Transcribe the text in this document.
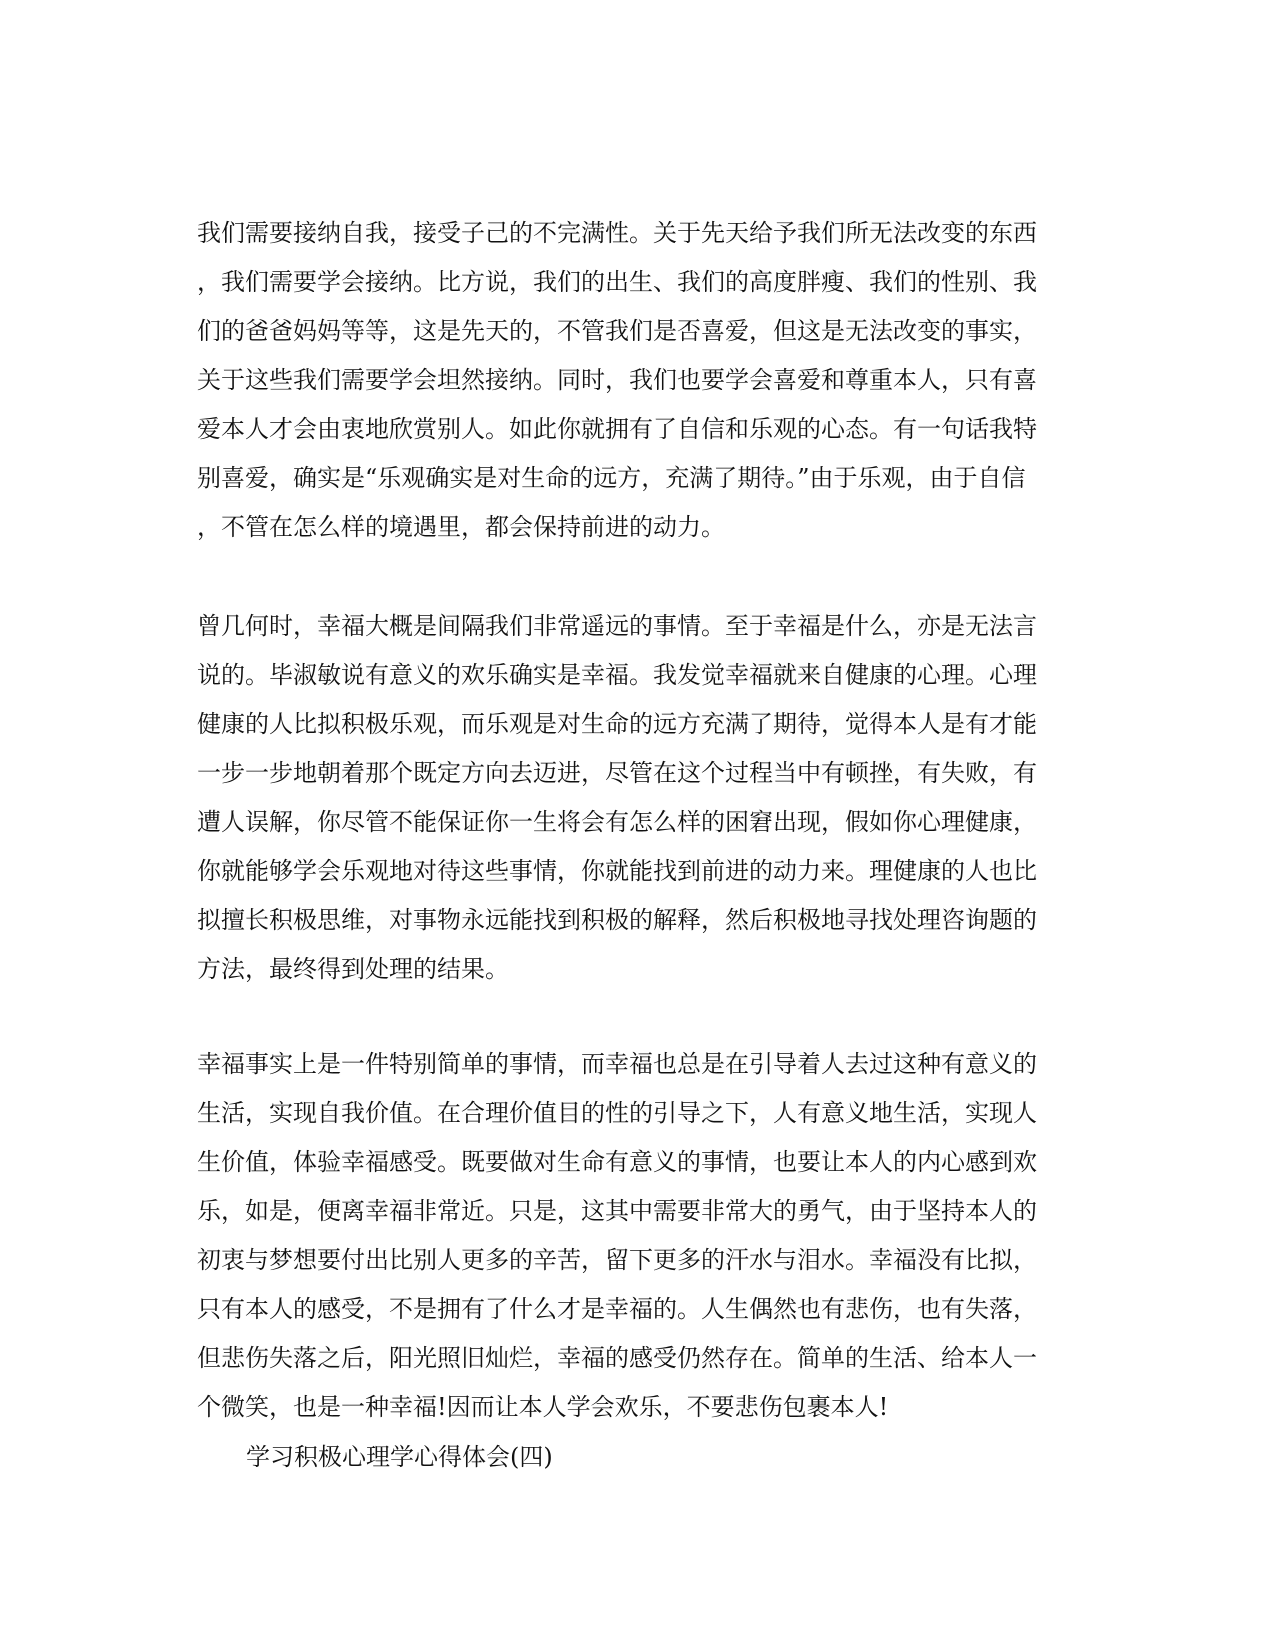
我们需要接纳自我，接受子己的不完满性。关于先天给予我们所无法改变的东西
，我们需要学会接纳。比方说，我们的出生、我们的高度胖瘦、我们的性别、我
们的爸爸妈妈等等，这是先天的，不管我们是否喜爱，但这是无法改变的事实，
关于这些我们需要学会坦然接纳。同时，我们也要学会喜爱和尊重本人，只有喜
爱本人才会由衷地欣赏别人。如此你就拥有了自信和乐观的心态。有一句话我特
别喜爱，确实是“乐观确实是对生命的远方，充满了期待。”由于乐观，由于自信
，不管在怎么样的境遇里，都会保持前进的动力。
曾几何时，幸福大概是间隔我们非常遥远的事情。至于幸福是什么，亦是无法言
说的。毕淑敏说有意义的欢乐确实是幸福。我发觉幸福就来自健康的心理。心理
健康的人比拟积极乐观，而乐观是对生命的远方充满了期待，觉得本人是有才能
一步一步地朝着那个既定方向去迈进，尽管在这个过程当中有顿挫，有失败，有
遭人误解，你尽管不能保证你一生将会有怎么样的困窘出现，假如你心理健康，
你就能够学会乐观地对待这些事情，你就能找到前进的动力来。理健康的人也比
拟擅长积极思维，对事物永远能找到积极的解释，然后积极地寻找处理咨询题的
方法，最终得到处理的结果。
幸福事实上是一件特别简单的事情，而幸福也总是在引导着人去过这种有意义的
生活，实现自我价值。在合理价值目的性的引导之下，人有意义地生活，实现人
生价值，体验幸福感受。既要做对生命有意义的事情，也要让本人的内心感到欢
乐，如是，便离幸福非常近。只是，这其中需要非常大的勇气，由于坚持本人的
初衷与梦想要付出比别人更多的辛苦，留下更多的汗水与泪水。幸福没有比拟，
只有本人的感受，不是拥有了什么才是幸福的。人生偶然也有悲伤，也有失落，
但悲伤失落之后，阳光照旧灿烂，幸福的感受仍然存在。简单的生活、给本人一
个微笑，也是一种幸福!因而让本人学会欢乐，不要悲伤包裹本人!
学习积极心理学心得体会(四)
